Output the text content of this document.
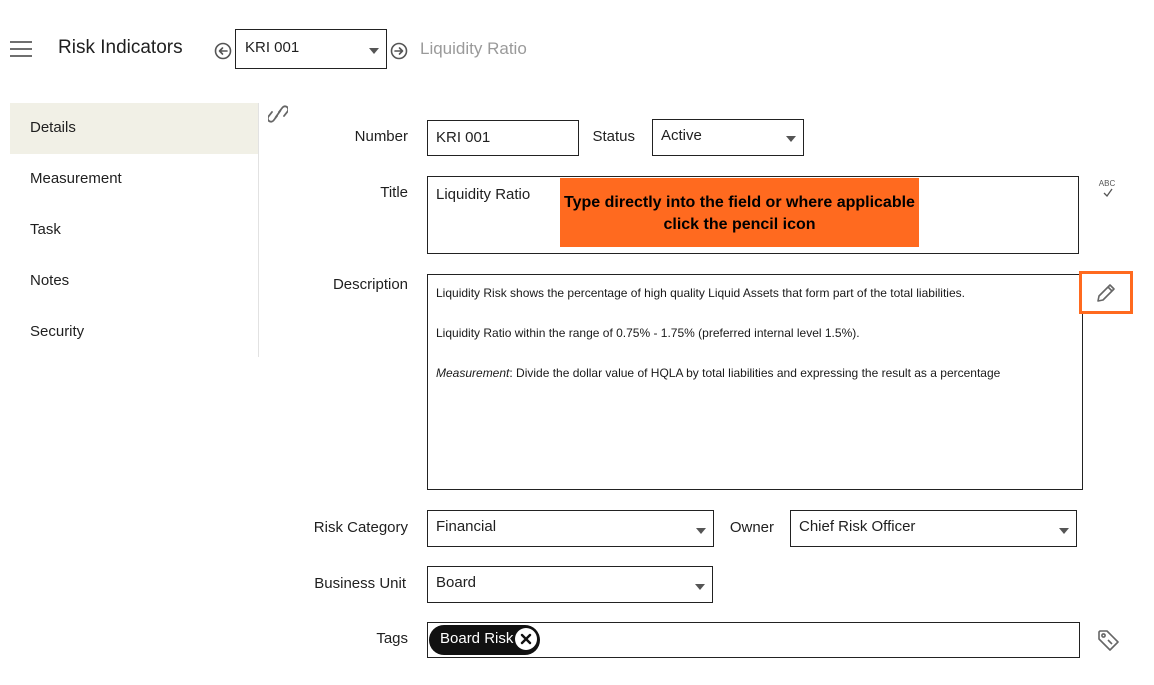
Risk Indicators	KRI 001	Liquidity Ratio
Details
Measurement
Task
Notes
Security
Number	KRI 001	Status	Active
Title	Liquidity Ratio	Type directly into the field or where applicable click the pencil icon
ABC
Description Liquidity Risk shows the percentage of high quality Liquid Assets that form part of the total liabilities.
Liquidity Ratio within the range of 0.75% - 1.75% (preferred internal level 1.5%).
Measurement: Divide the dollar value of HQLA by total liabilities and expressing the result as a percentage
Risk Category	Financial	Owner	Chief Risk Officer
Business Unit	Board
Tags	Board Risk
